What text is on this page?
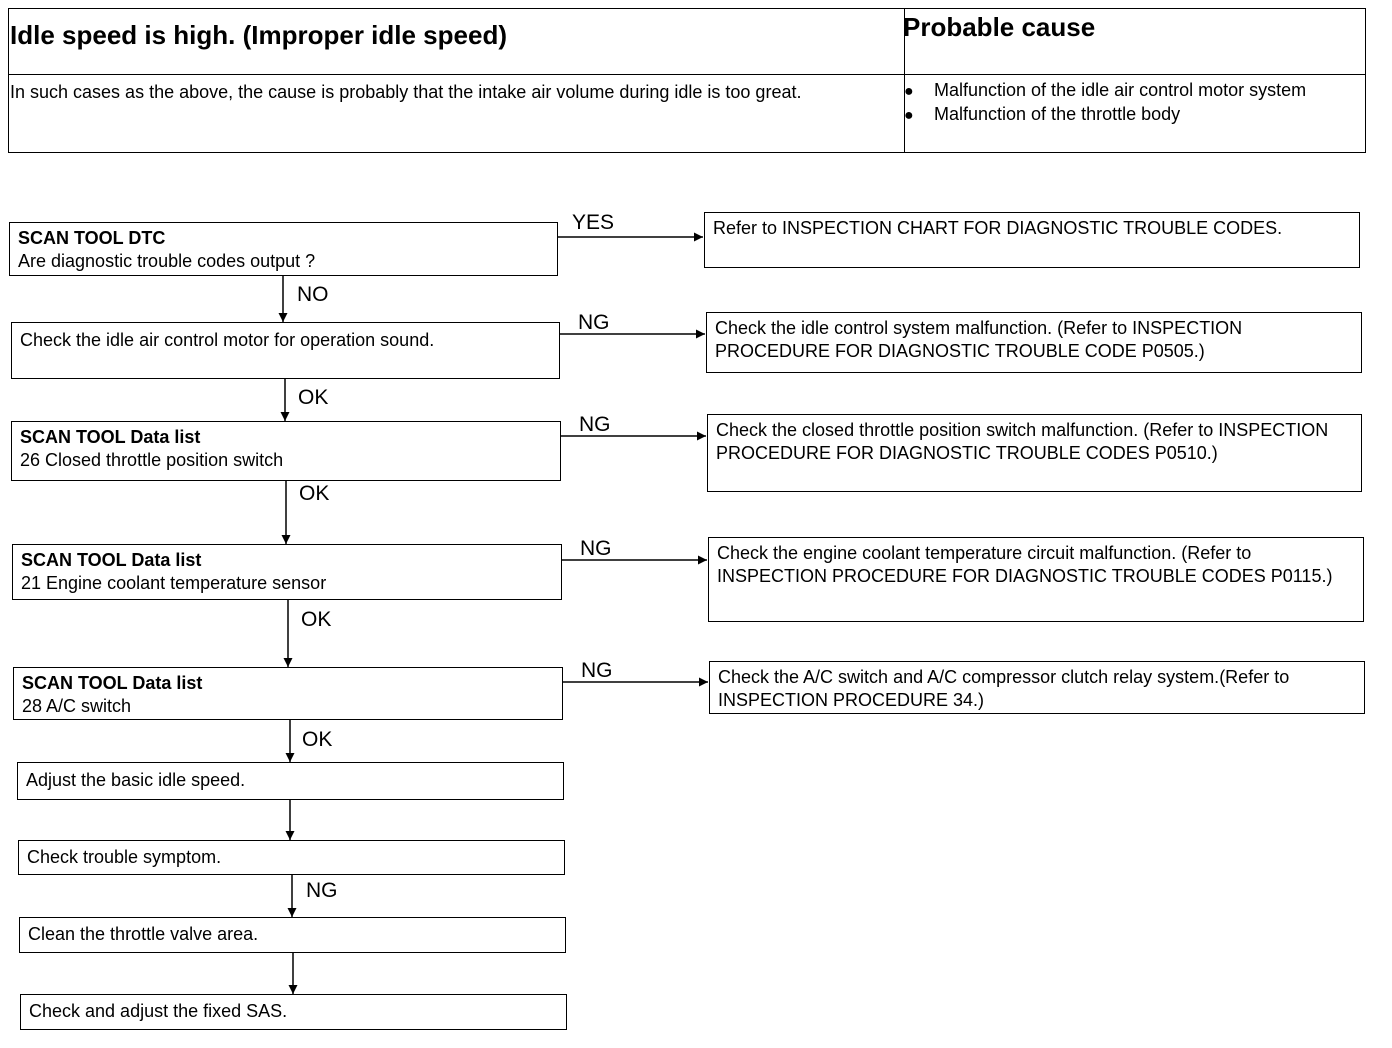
Idle speed is high. (Improper idle speed)	Probable cause
In such cases as the above, the cause is probably that the intake air volume during idle is too great.	● Malfunction of the idle air control motor system
● Malfunction of the throttle body
SCAN TOOL DTC
Are diagnostic trouble codes output ?
Check the idle air control motor for operation sound.
SCAN TOOL Data list
26 Closed throttle position switch
SCAN TOOL Data list
21 Engine coolant temperature sensor
SCAN TOOL Data list
28 A/C switch
Adjust the basic idle speed.
Check trouble symptom.
Clean the throttle valve area.
Check and adjust the fixed SAS.
Refer to INSPECTION CHART FOR DIAGNOSTIC TROUBLE CODES.
Check the idle control system malfunction. (Refer to INSPECTION PROCEDURE FOR DIAGNOSTIC TROUBLE CODE P0505.)
Check the closed throttle position switch malfunction. (Refer to INSPECTION PROCEDURE FOR DIAGNOSTIC TROUBLE CODES P0510.)
Check the engine coolant temperature circuit malfunction. (Refer to INSPECTION PROCEDURE FOR DIAGNOSTIC TROUBLE CODES P0115.)
Check the A/C switch and A/C compressor clutch relay system.(Refer to INSPECTION PROCEDURE 34.)
YES
NG
NG
NG
NG
NO
OK
OK
OK
OK
NG
